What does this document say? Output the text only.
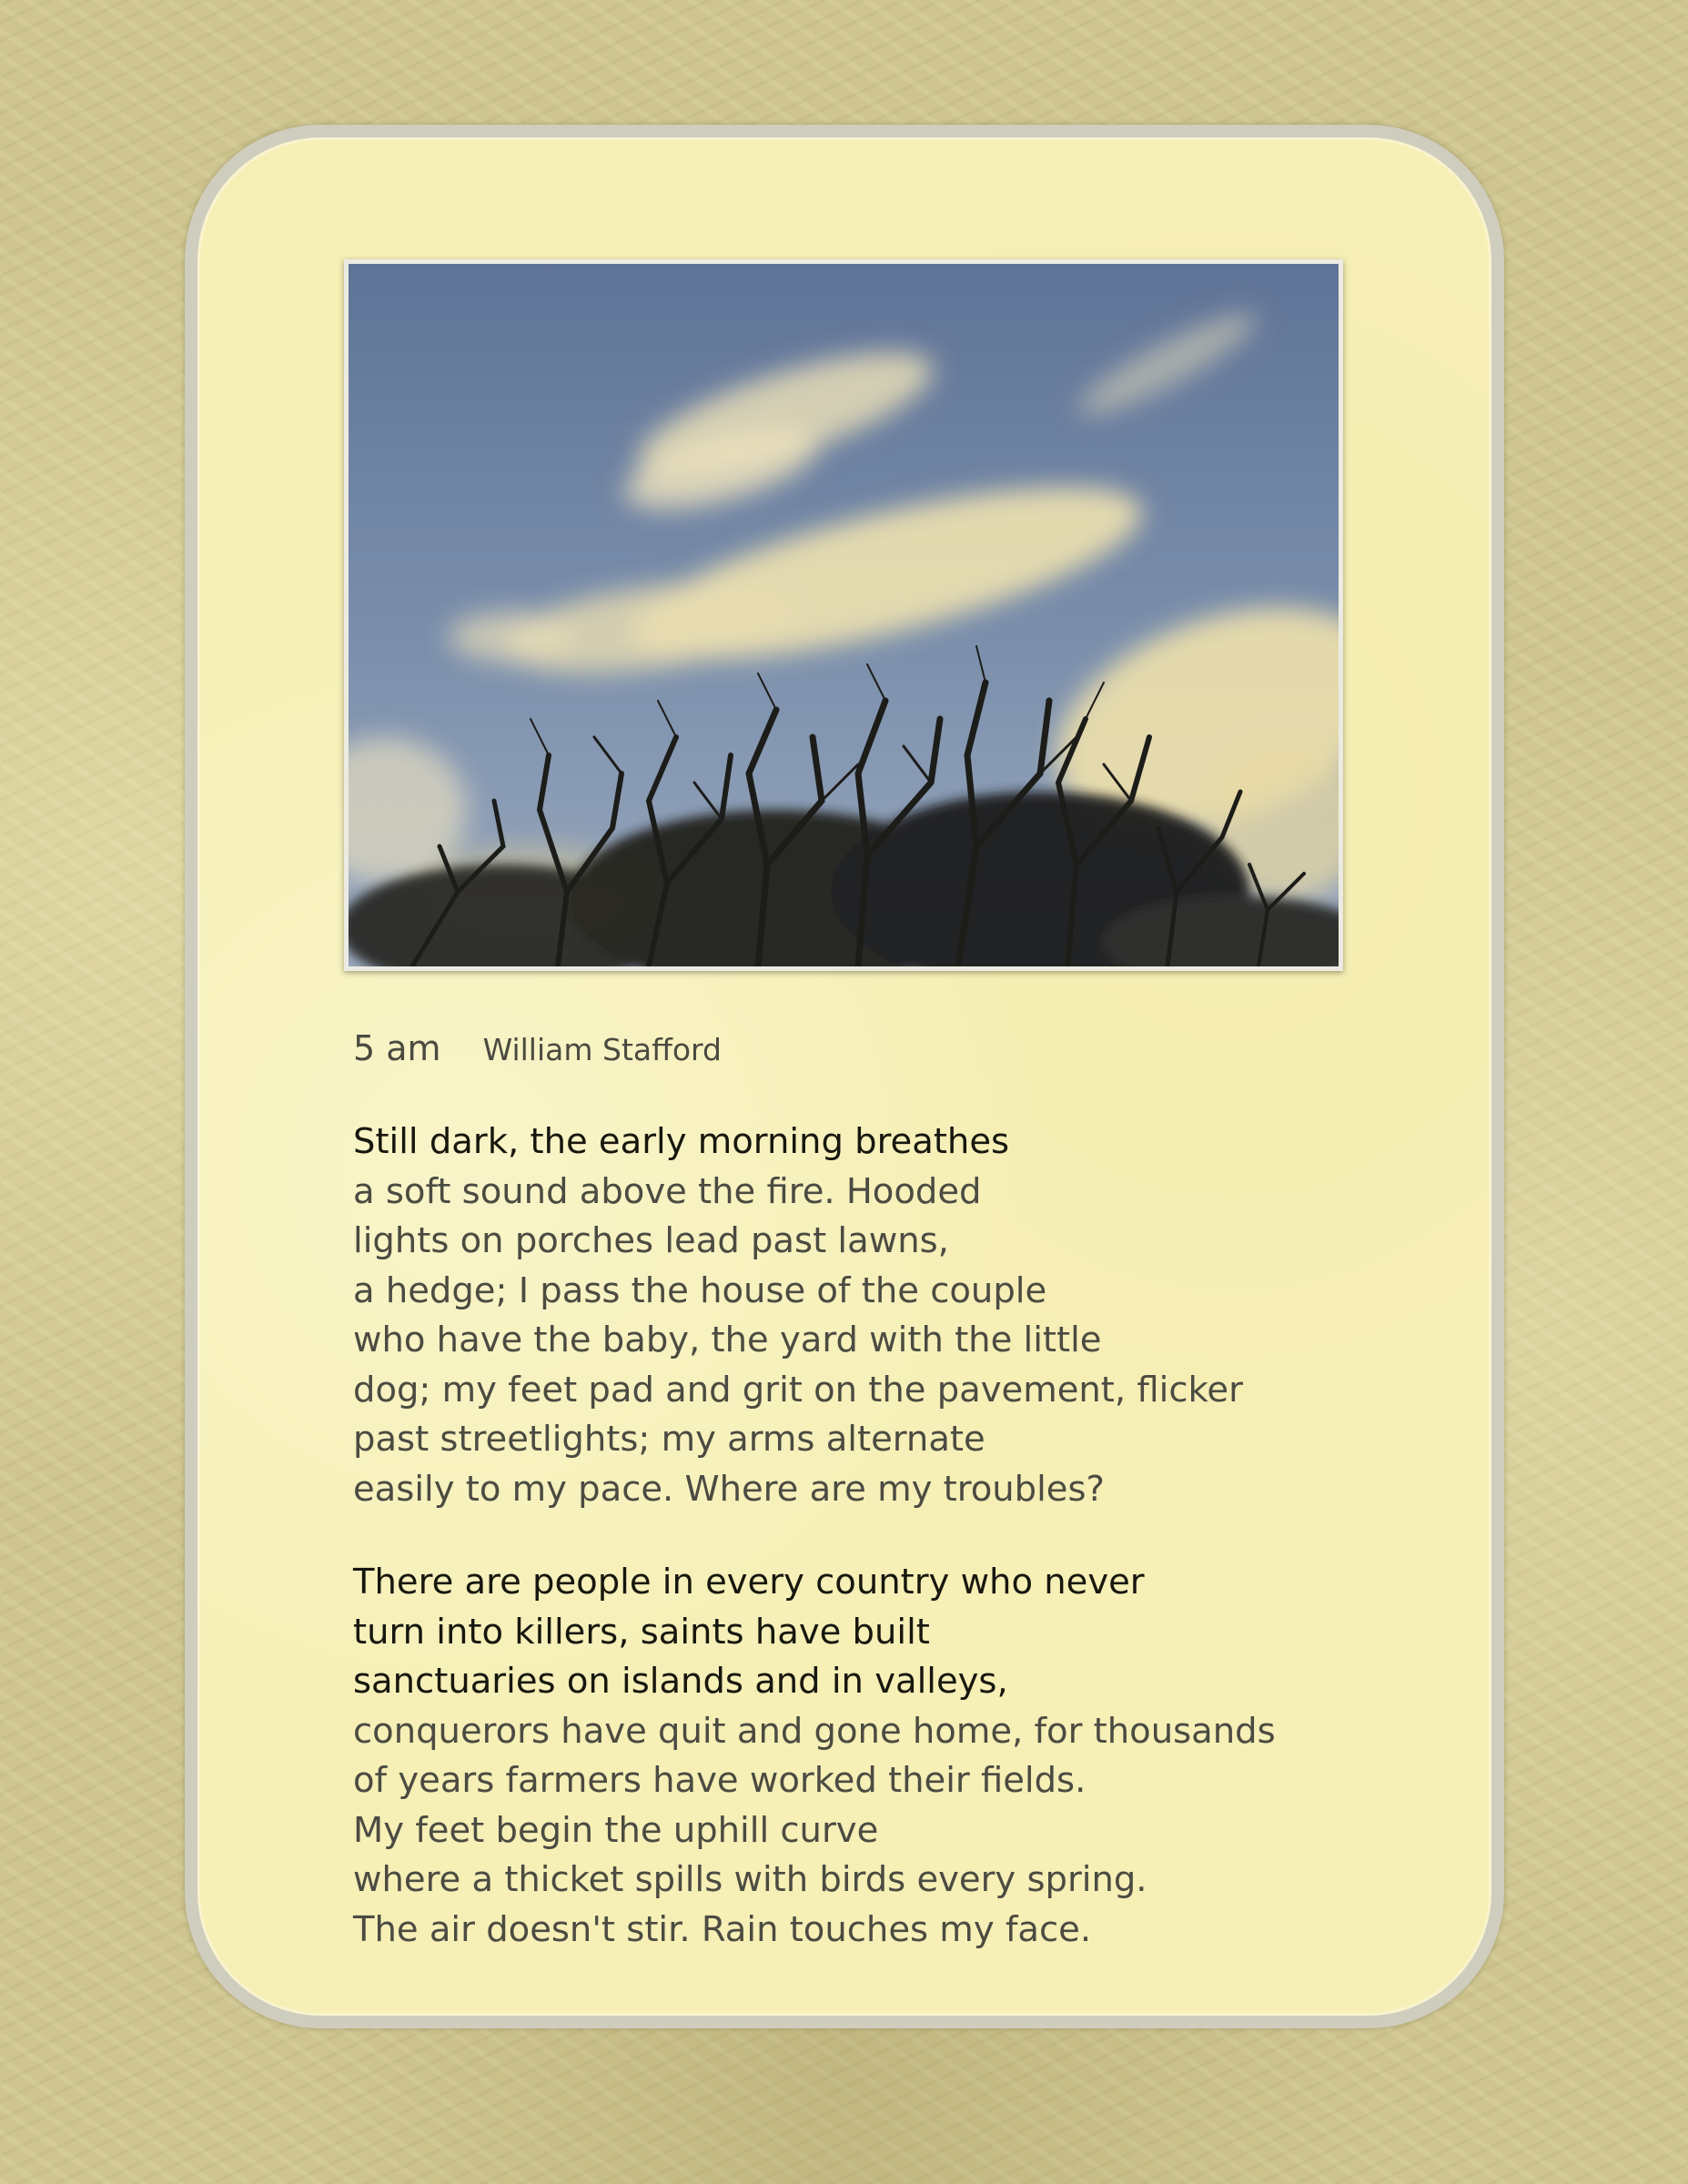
5 am William Stafford
Still dark, the early morning breathes
a soft sound above the fire. Hooded
lights on porches lead past lawns,
a hedge; I pass the house of the couple
who have the baby, the yard with the little
dog; my feet pad and grit on the pavement, flicker
past streetlights; my arms alternate
easily to my pace. Where are my troubles?
There are people in every country who never
turn into killers, saints have built
sanctuaries on islands and in valleys,
conquerors have quit and gone home, for thousands
of years farmers have worked their fields.
My feet begin the uphill curve
where a thicket spills with birds every spring.
The air doesn't stir. Rain touches my face.
